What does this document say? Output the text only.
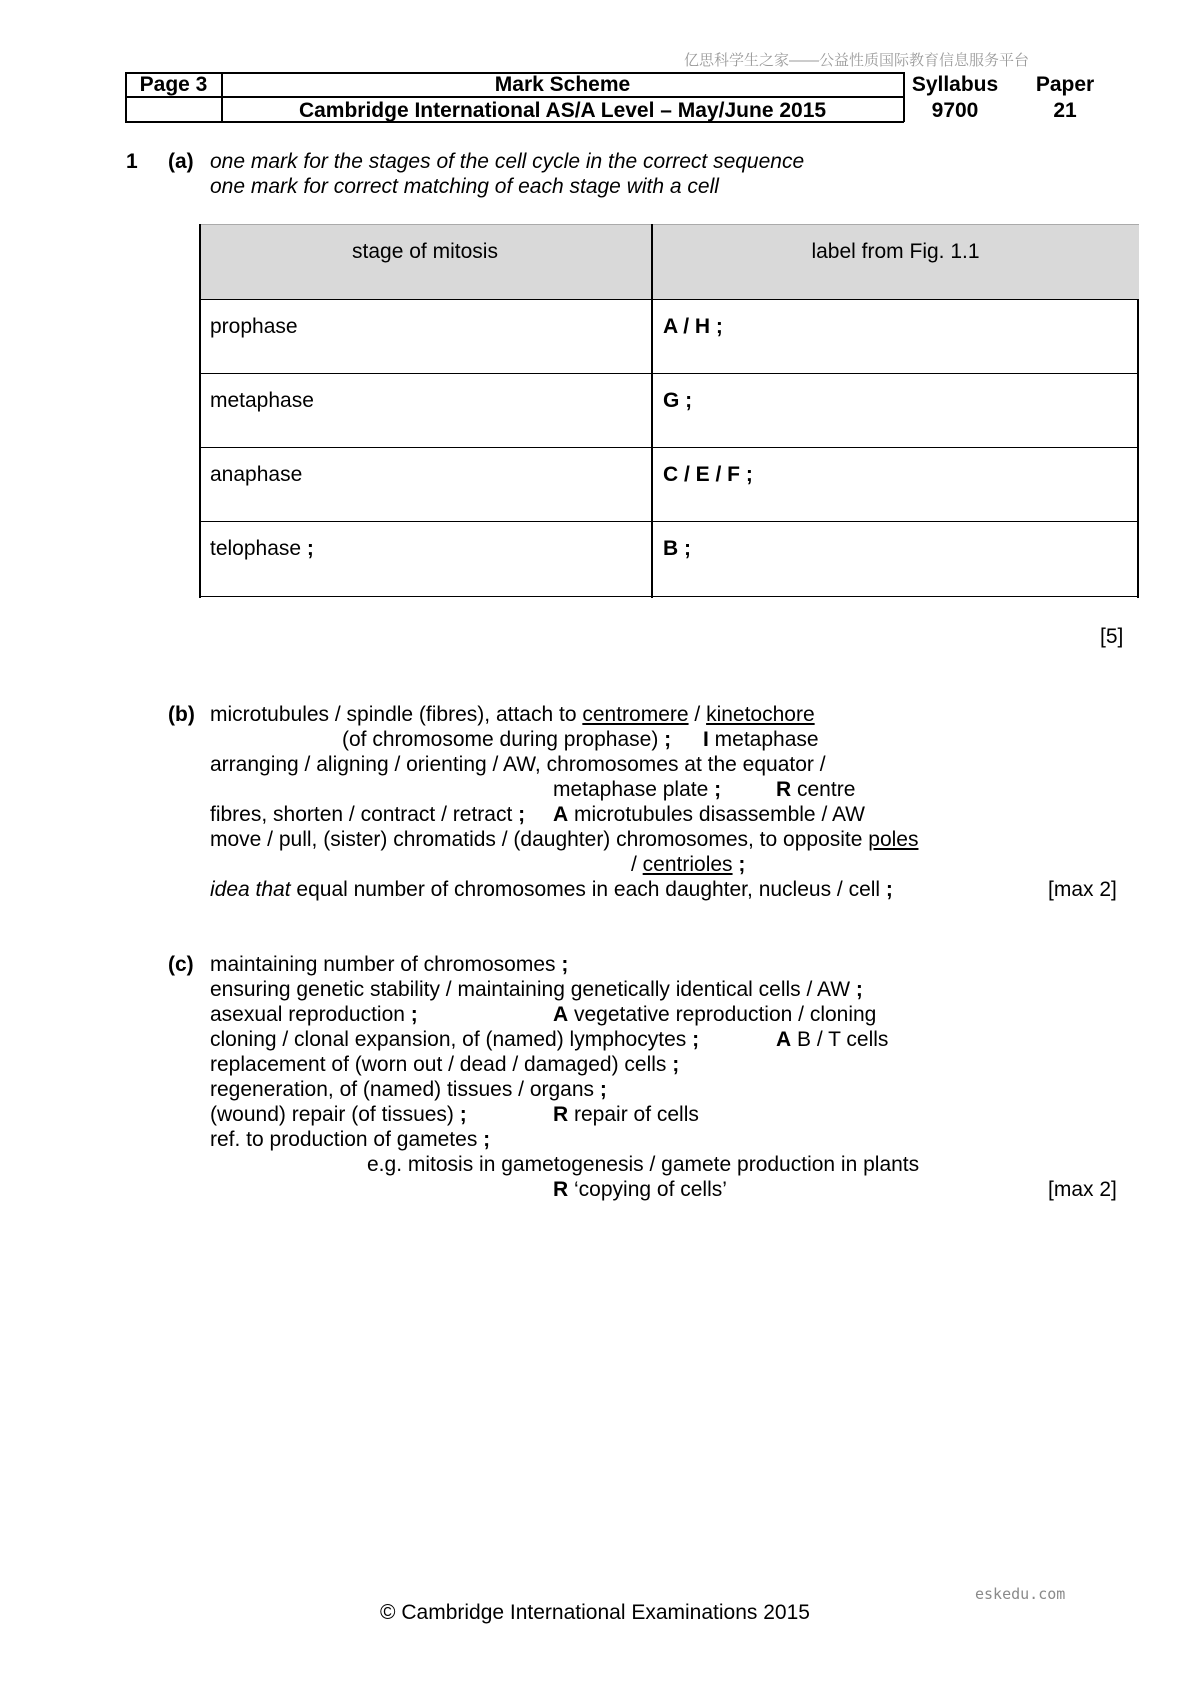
亿思科学生之家——公益性质国际教育信息服务平台
Page 3	Mark Scheme
Cambridge International AS/A Level – May/June 2015
Syllabus
9700
Paper
21
1 (a) one mark for the stages of the cell cycle in the correct sequence
one mark for correct matching of each stage with a cell
stage of mitosis	label from Fig. 1.1
prophase	A / H ;
metaphase	G ;
anaphase	C / E / F ;
telophase ;	B ;
[5]
(b) microtubules / spindle (fibres), attach to centromere / kinetochore
(of chromosome during prophase) ; I metaphase
arranging / aligning / orienting / AW, chromosomes at the equator /
metaphase plate ;	R centre
fibres, shorten / contract / retract ; A microtubules disassemble / AW
move / pull, (sister) chromatids / (daughter) chromosomes, to opposite poles
/ centrioles ;
idea that equal number of chromosomes in each daughter, nucleus / cell ;	[max 2]
(c) maintaining number of chromosomes ;
ensuring genetic stability / maintaining genetically identical cells / AW ;
asexual reproduction ;	A vegetative reproduction / cloning
cloning / clonal expansion, of (named) lymphocytes ;	A B / T cells
replacement of (worn out / dead / damaged) cells ;
regeneration, of (named) tissues / organs ;
(wound) repair (of tissues) ;	R repair of cells
ref. to production of gametes ;
e.g. mitosis in gametogenesis / gamete production in plants
R ‘copying of cells’	[max 2]
eskedu.com
© Cambridge International Examinations 2015
